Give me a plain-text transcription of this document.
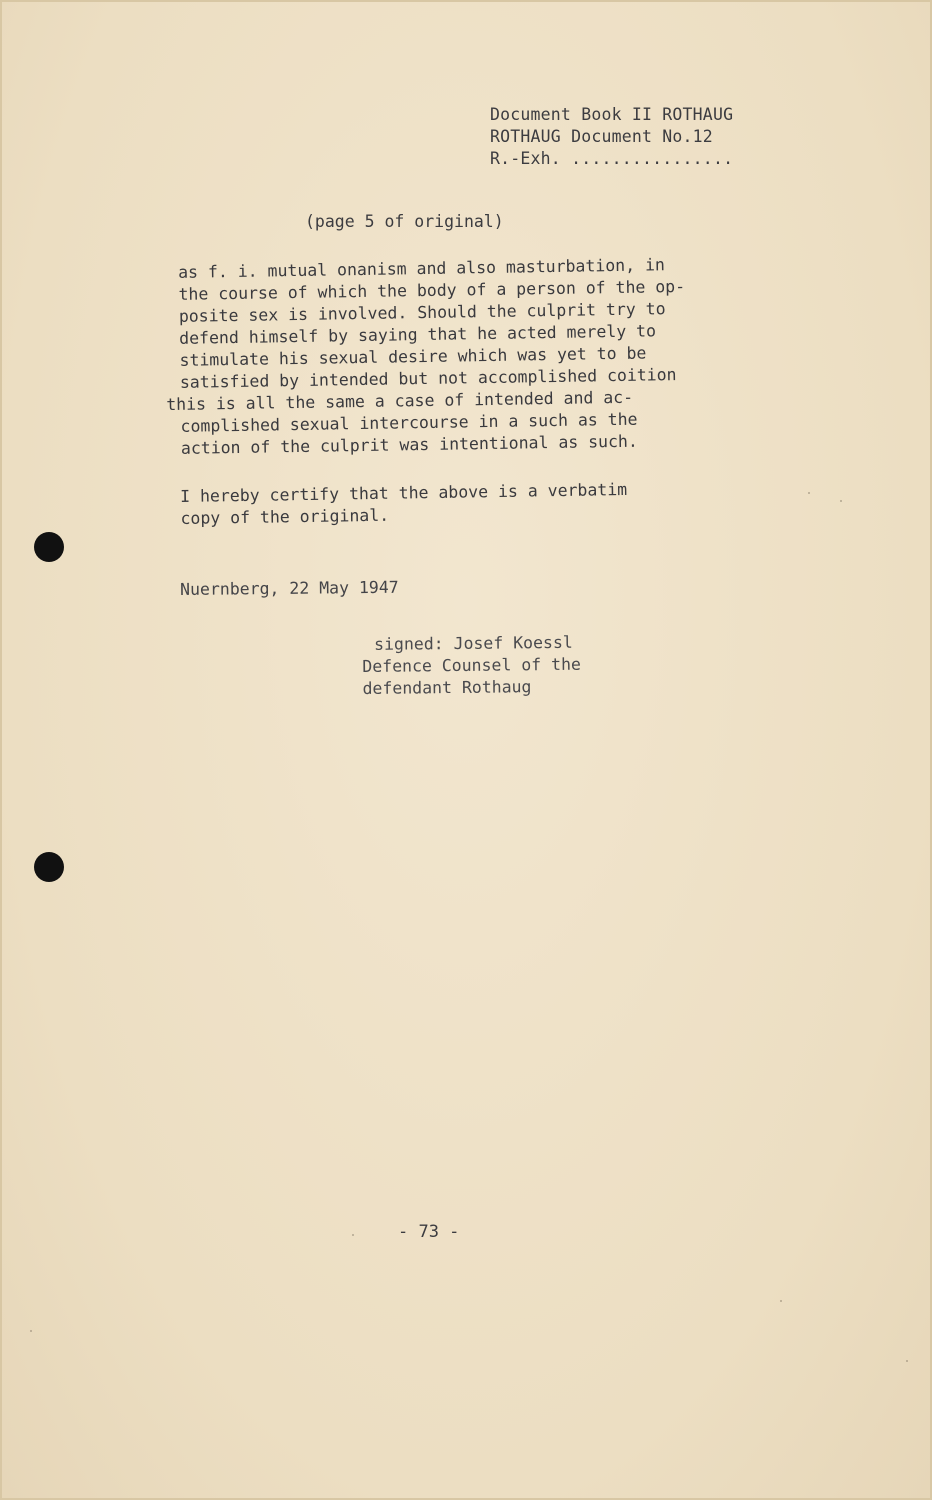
Document Book II ROTHAUG
ROTHAUG Document No.12
R.-Exh. ................
(page 5 of original)
as f. i. mutual onanism and also masturbation, in
the course of which the body of a person of the op-
posite sex is involved. Should the culprit try to
defend himself by saying that he acted merely to
stimulate his sexual desire which was yet to be
satisfied by intended but not accomplished coition
this is all the same a case of intended and ac-
complished sexual intercourse in a such as the
action of the culprit was intentional as such.
I hereby certify that the above is a verbatim
copy of the original.
Nuernberg, 22 May 1947
signed: Josef Koessl
Defence Counsel of the
defendant Rothaug
- 73 -
